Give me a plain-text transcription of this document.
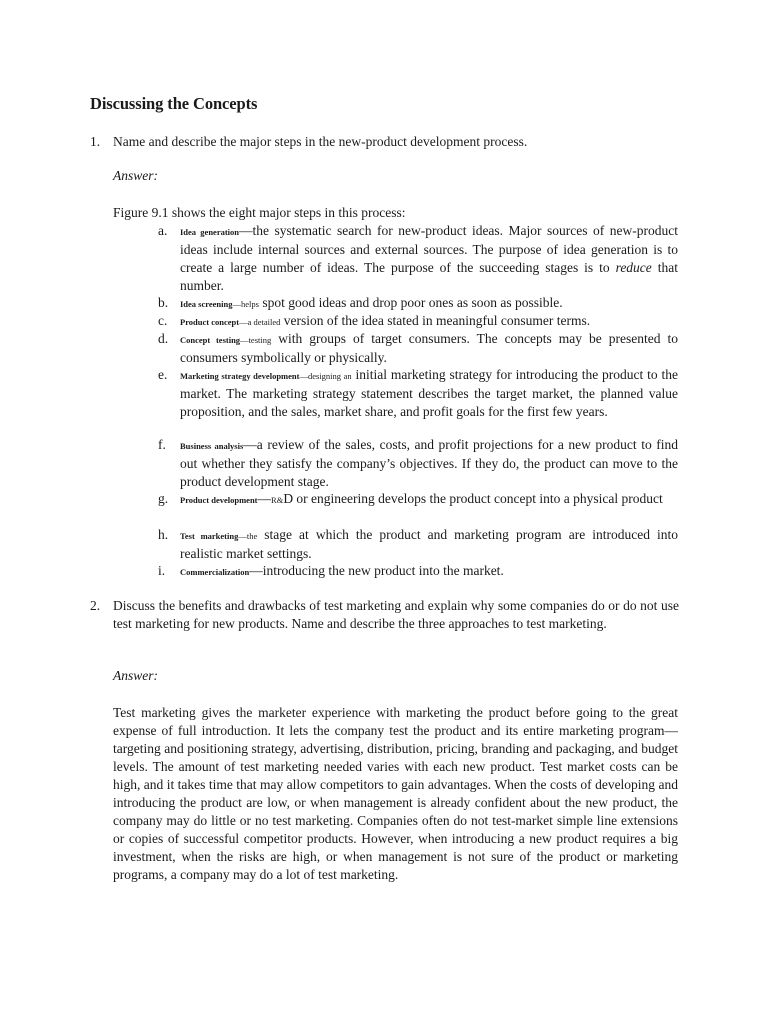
Discussing the Concepts
1. Name and describe the major steps in the new-product development process.
Answer:
Figure 9.1 shows the eight major steps in this process:
a. Idea generation—the systematic search for new-product ideas. Major sources of new-product ideas include internal sources and external sources. The purpose of idea generation is to create a large number of ideas. The purpose of the succeeding stages is to reduce that number.
b. Idea screening—helps spot good ideas and drop poor ones as soon as possible.
c. Product concept—a detailed version of the idea stated in meaningful consumer terms.
d. Concept testing—testing with groups of target consumers. The concepts may be presented to consumers symbolically or physically.
e. Marketing strategy development—designing an initial marketing strategy for introducing the product to the market. The marketing strategy statement describes the target market, the planned value proposition, and the sales, market share, and profit goals for the first few years.
f. Business analysis—a review of the sales, costs, and profit projections for a new product to find out whether they satisfy the company’s objectives. If they do, the product can move to the product development stage.
g. Product development—R&D or engineering develops the product concept into a physical product
h. Test marketing—the stage at which the product and marketing program are introduced into realistic market settings.
i. Commercialization—introducing the new product into the market.
2. Discuss the benefits and drawbacks of test marketing and explain why some companies do or do not use test marketing for new products. Name and describe the three approaches to test marketing.
Answer:
Test marketing gives the marketer experience with marketing the product before going to the great expense of full introduction. It lets the company test the product and its entire marketing program—targeting and positioning strategy, advertising, distribution, pricing, branding and packaging, and budget levels. The amount of test marketing needed varies with each new product. Test market costs can be high, and it takes time that may allow competitors to gain advantages. When the costs of developing and introducing the product are low, or when management is already confident about the new product, the company may do little or no test marketing. Companies often do not test-market simple line extensions or copies of successful competitor products. However, when introducing a new product requires a big investment, when the risks are high, or when management is not sure of the product or marketing programs, a company may do a lot of test marketing.
